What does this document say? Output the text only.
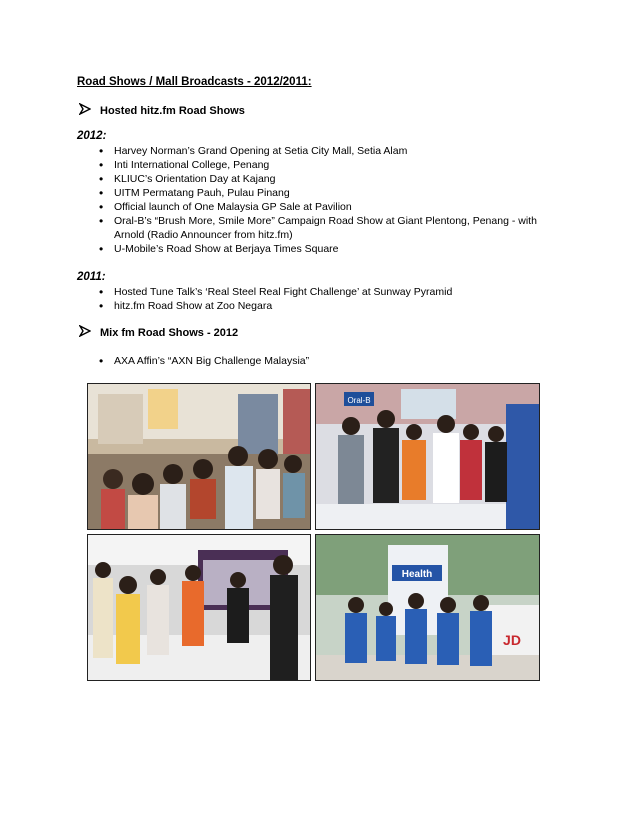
Road Shows / Mall Broadcasts - 2012/2011:
Hosted hitz.fm Road Shows
2012:
• Harvey Norman’s Grand Opening at Setia City Mall, Setia Alam
• Inti International College, Penang
• KLIUC’s Orientation Day at Kajang
• UITM Permatang Pauh, Pulau Pinang
• Official launch of One Malaysia GP Sale at Pavilion
• Oral-B’s “Brush More, Smile More” Campaign Road Show at Giant Plentong, Penang - with Arnold (Radio Announcer from hitz.fm)
• U-Mobile’s Road Show at Berjaya Times Square
2011:
• Hosted Tune Talk’s ‘Real Steel Real Fight Challenge’ at Sunway Pyramid
• hitz.fm Road Show at Zoo Negara
Mix fm Road Shows - 2012
• AXA Affin’s “AXN Big Challenge Malaysia”
Oral-B
Health
JD
